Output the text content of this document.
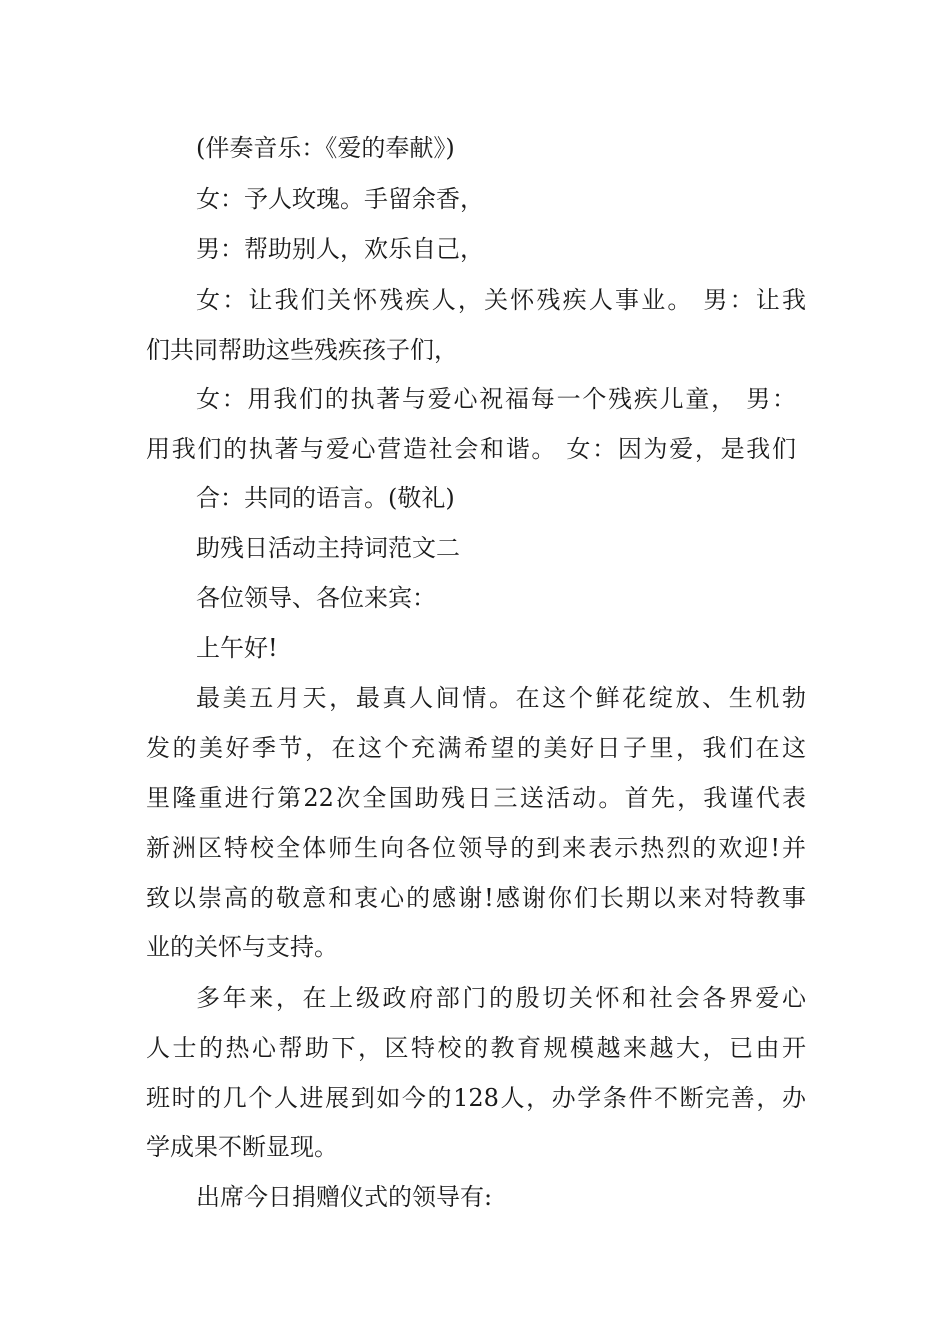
(伴奏音乐：《爱的奉献》)
女：予人玫瑰。手留余香，
男：帮助别人，欢乐自己，
女：让我们关怀残疾人，关怀残疾人事业。 男：让我
们共同帮助这些残疾孩子们，
女：用我们的执著与爱心祝福每一个残疾儿童， 男：
用我们的执著与爱心营造社会和谐。 女：因为爱，是我们
合：共同的语言。(敬礼)
助残日活动主持词范文二
各位领导、各位来宾：
上午好!
最美五月天，最真人间情。在这个鲜花绽放、生机勃
发的美好季节，在这个充满希望的美好日子里，我们在这
里隆重进行第22次全国助残日三送活动。首先，我谨代表
新洲区特校全体师生向各位领导的到来表示热烈的欢迎!并
致以崇高的敬意和衷心的感谢!感谢你们长期以来对特教事
业的关怀与支持。
多年来，在上级政府部门的殷切关怀和社会各界爱心
人士的热心帮助下，区特校的教育规模越来越大，已由开
班时的几个人进展到如今的128人，办学条件不断完善，办
学成果不断显现。
出席今日捐赠仪式的领导有:
